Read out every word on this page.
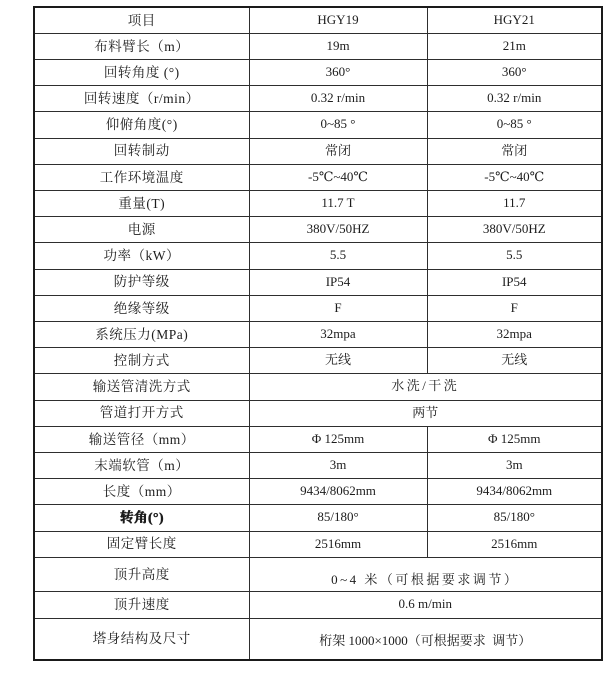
项目	HGY19	HGY21
布料臂长（m）	19m	21m
回转角度 (°)	360°	360°
回转速度（r/min）	0.32 r/min	0.32 r/min
仰俯角度(°)	0~85 °	0~85 °
回转制动	常闭	常闭
工作环境温度	-5℃~40℃	-5℃~40℃
重量(T)	11.7 T	11.7
电源	380V/50HZ	380V/50HZ
功率（kW）	5.5	5.5
防护等级	IP54	IP54
绝缘等级	F	F
系统压力(MPa)	32mpa	32mpa
控制方式	无线	无线
输送管清洗方式	水洗/干洗	
管道打开方式	两节	
输送管径（mm）	Φ 125mm	Φ 125mm
末端软管（m）	3m	3m
长度（mm）	9434/8062mm	9434/8062mm
转角(°)	85/180°	85/180°
固定臂长度	2516mm	2516mm
顶升高度	0~4 米（可根据要求调节）	
顶升速度	0.6 m/min	
塔身结构及尺寸	桁架 1000×1000（可根据要求  调节）	
